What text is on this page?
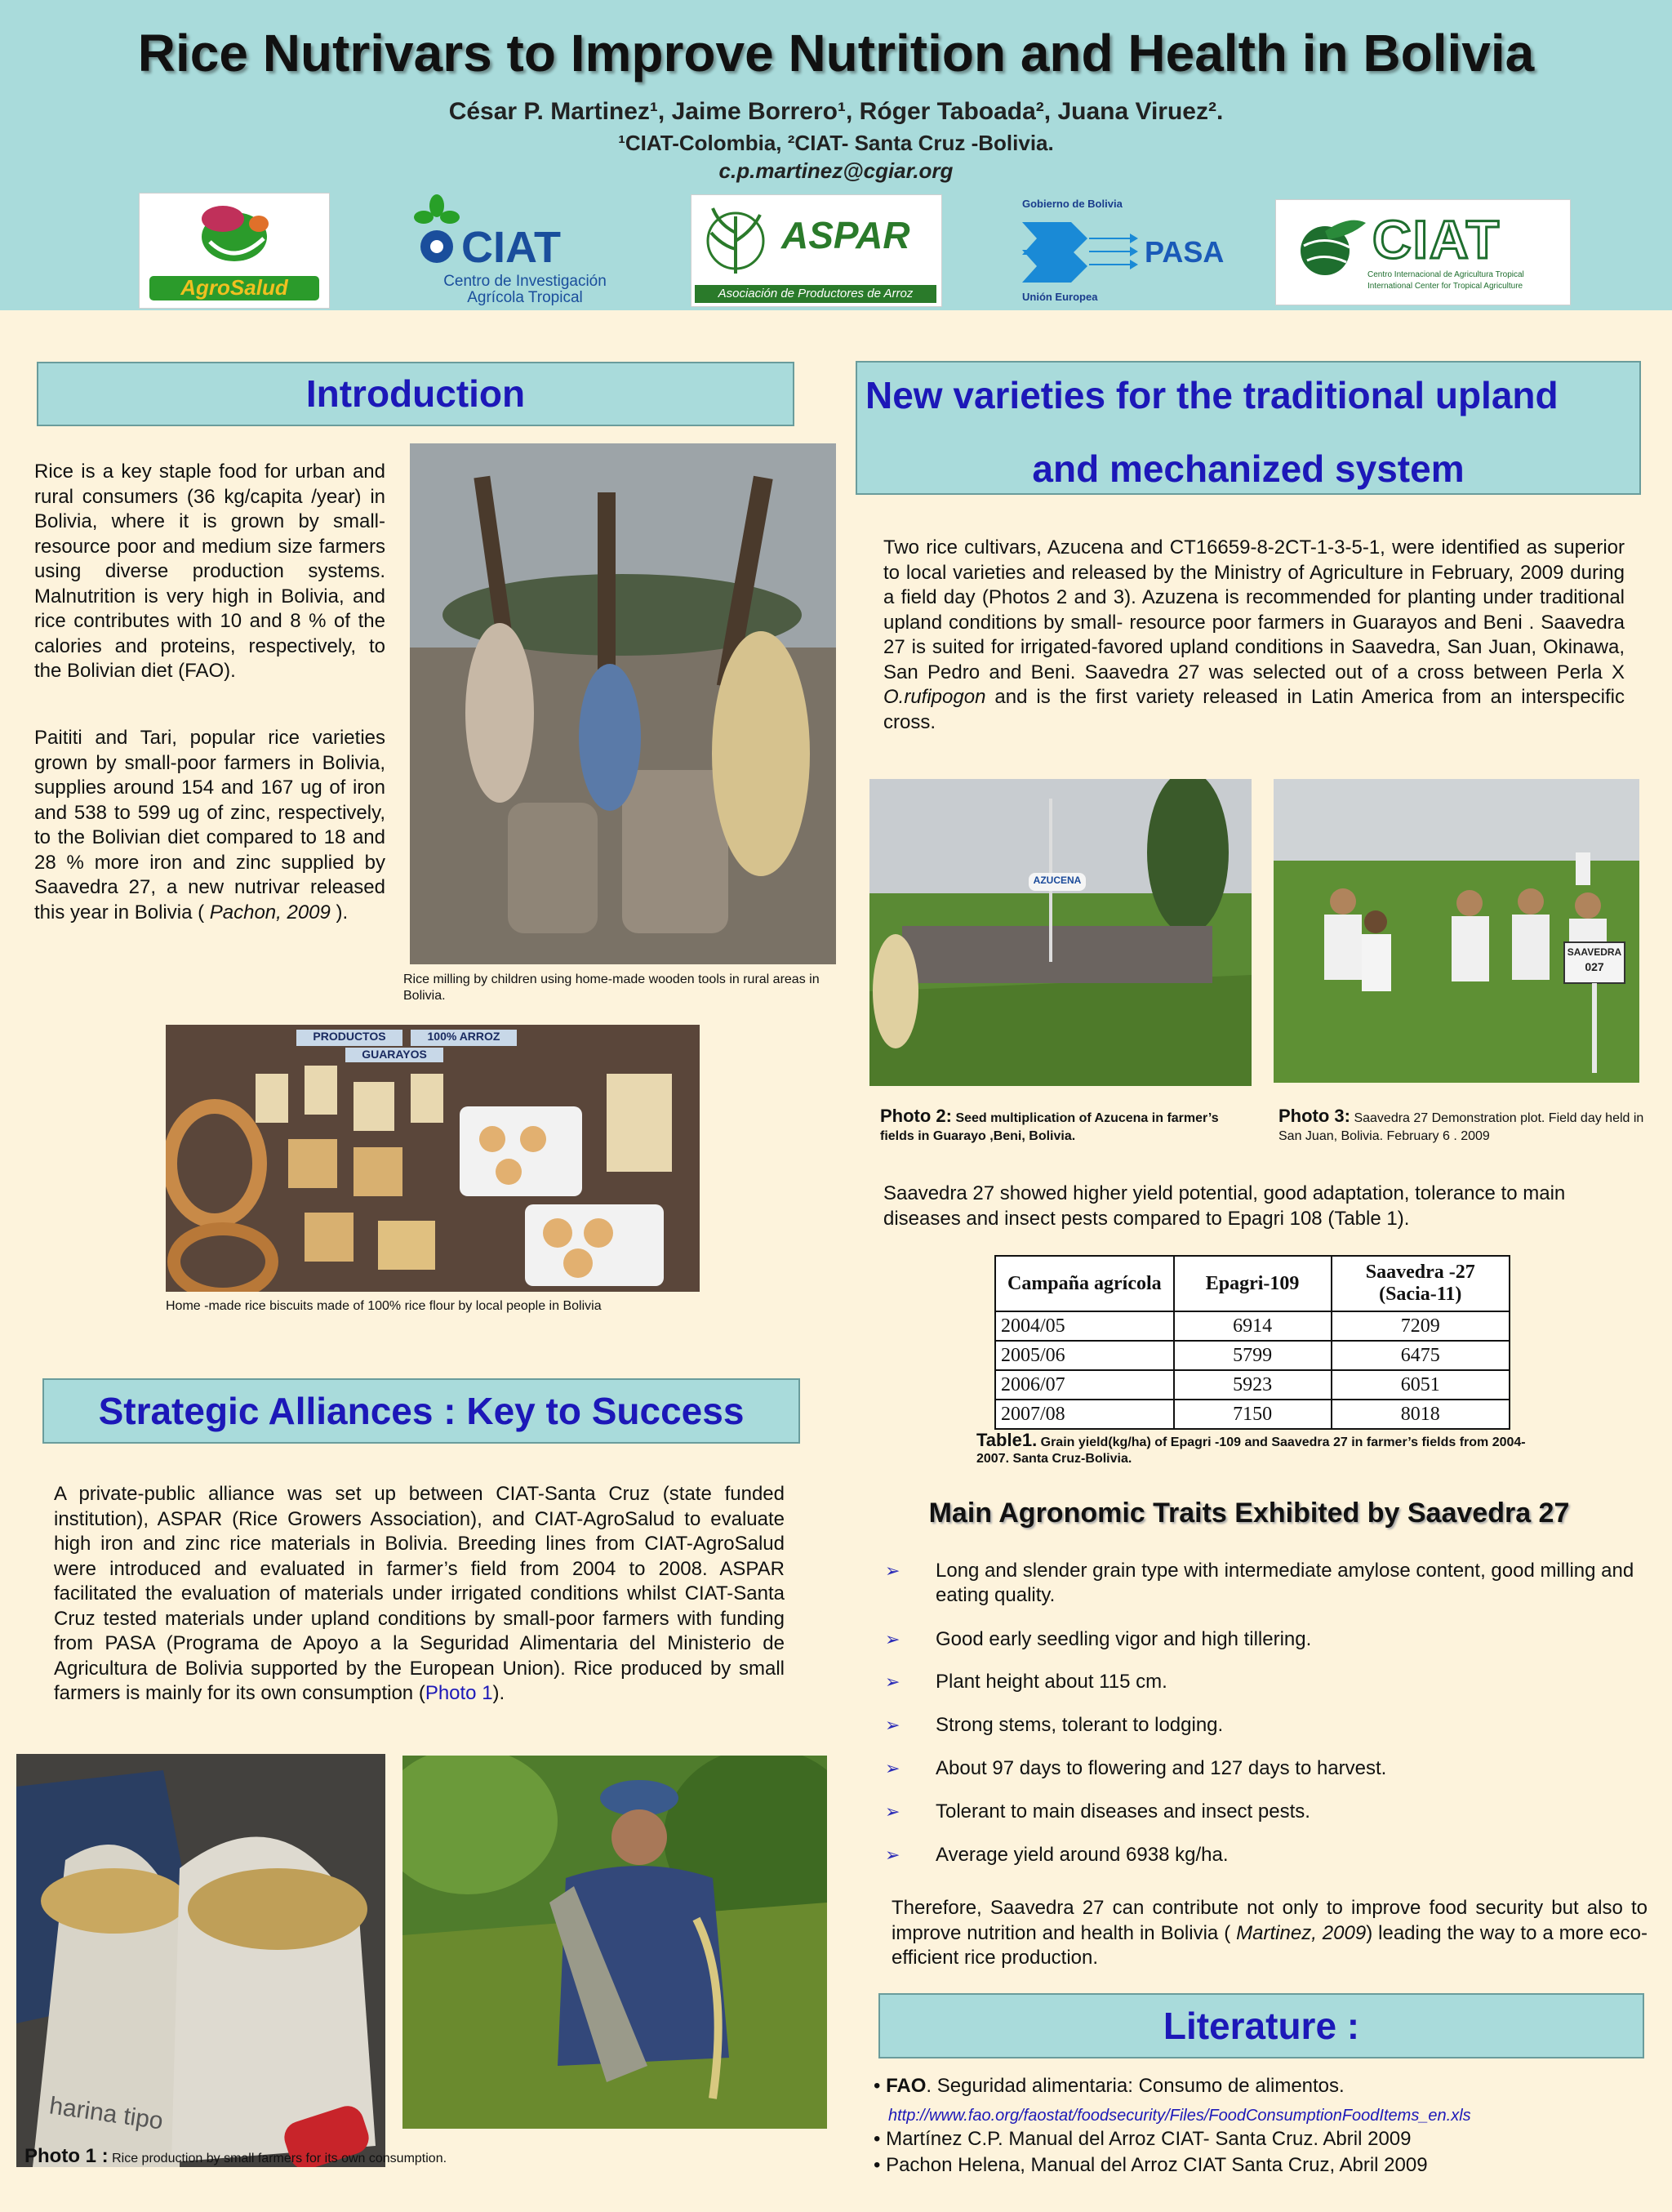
Rice Nutrivars to Improve Nutrition and Health in Bolivia
César P. Martinez¹, Jaime Borrero¹, Róger Taboada², Juana Viruez².
¹CIAT-Colombia, ²CIAT- Santa Cruz -Bolivia.
c.p.martinez@cgiar.org
AgroSalud
CIAT
Centro de Investigación
Agrícola Tropical
ASPAR
Asociación de Productores de Arroz
Gobierno de Bolivia
PASA
Unión Europea
CIAT
Centro Internacional de Agricultura Tropical
International Center for Tropical Agriculture
Introduction
Rice is a key staple food for urban and rural consumers (36 kg/capita /year) in Bolivia, where it is grown by small-resource poor and medium size farmers using diverse production systems. Malnutrition is very high in Bolivia, and rice contributes with 10 and 8 % of the calories and proteins, respectively, to the Bolivian diet (FAO).
Paititi and Tari, popular rice varieties grown by small-poor farmers in Bolivia, supplies around 154 and 167 ug of iron and 538 to 599 ug of zinc, respectively, to the Bolivian diet compared to 18 and 28 % more iron and zinc supplied by Saavedra 27, a new nutrivar released this year in Bolivia ( Pachon, 2009 ).
Rice milling by children using home-made wooden tools in rural areas in Bolivia.
PRODUCTOS	100% ARROZ
GUARAYOS
Home -made rice biscuits made of 100% rice flour by local people in Bolivia
Strategic Alliances : Key to Success
A private-public alliance was set up between CIAT-Santa Cruz (state funded institution), ASPAR (Rice Growers Association), and CIAT-AgroSalud to evaluate high iron and zinc rice materials in Bolivia. Breeding lines from CIAT-AgroSalud were introduced and evaluated in farmer’s field from 2004 to 2008. ASPAR facilitated the evaluation of materials under irrigated conditions whilst CIAT-Santa Cruz tested materials under upland conditions by small-poor farmers with funding from PASA (Programa de Apoyo a la Seguridad Alimentaria del Ministerio de Agricultura de Bolivia supported by the European Union). Rice produced by small farmers is mainly for its own consumption (Photo 1).
harina tipo
Photo 1 : Rice production by small farmers for its own consumption.
New varieties for the traditional upland
and mechanized system
Two rice cultivars, Azucena and CT16659-8-2CT-1-3-5-1, were identified as superior to local varieties and released by the Ministry of Agriculture in February, 2009 during a field day (Photos 2 and 3). Azuzena is recommended for planting under traditional upland conditions by small- resource poor farmers in Guarayos and Beni . Saavedra 27 is suited for irrigated-favored upland conditions in Saavedra, San Juan, Okinawa, San Pedro and Beni. Saavedra 27 was selected out of a cross between Perla X O.rufipogon and is the first variety released in Latin America from an interspecific cross.
AZUCENA
SAAVEDRA
027
Photo 2: Seed multiplication of Azucena in farmer’s fields in Guarayo ,Beni, Bolivia.
Photo 3: Saavedra 27 Demonstration plot. Field day held in San Juan, Bolivia. February 6 . 2009
Saavedra 27 showed higher yield potential, good adaptation, tolerance to main diseases and insect pests compared to Epagri 108 (Table 1).
Campaña agrícola	Epagri-109	Saavedra -27 (Sacia-11)
2004/05	6914	7209
2005/06	5799	6475
2006/07	5923	6051
2007/08	7150	8018
Table1. Grain yield(kg/ha) of Epagri -109 and Saavedra 27 in farmer’s fields from 2004-2007. Santa Cruz-Bolivia.
Main Agronomic Traits Exhibited by Saavedra 27
➢ Long and slender grain type with intermediate amylose content, good milling and eating quality.
➢ Good early seedling vigor and high tillering.
➢ Plant height about 115 cm.
➢ Strong stems, tolerant to lodging.
➢ About 97 days to flowering and 127 days to harvest.
➢ Tolerant to main diseases and insect pests.
➢ Average yield around 6938 kg/ha.
Therefore, Saavedra 27 can contribute not only to improve food security but also to improve nutrition and health in Bolivia ( Martinez, 2009) leading the way to a more eco-efficient rice production.
Literature :
• FAO. Seguridad alimentaria: Consumo de alimentos.
http://www.fao.org/faostat/foodsecurity/Files/FoodConsumptionFoodItems_en.xls
• Martínez C.P. Manual del Arroz CIAT- Santa Cruz. Abril 2009
• Pachon Helena, Manual del Arroz CIAT Santa Cruz, Abril 2009
